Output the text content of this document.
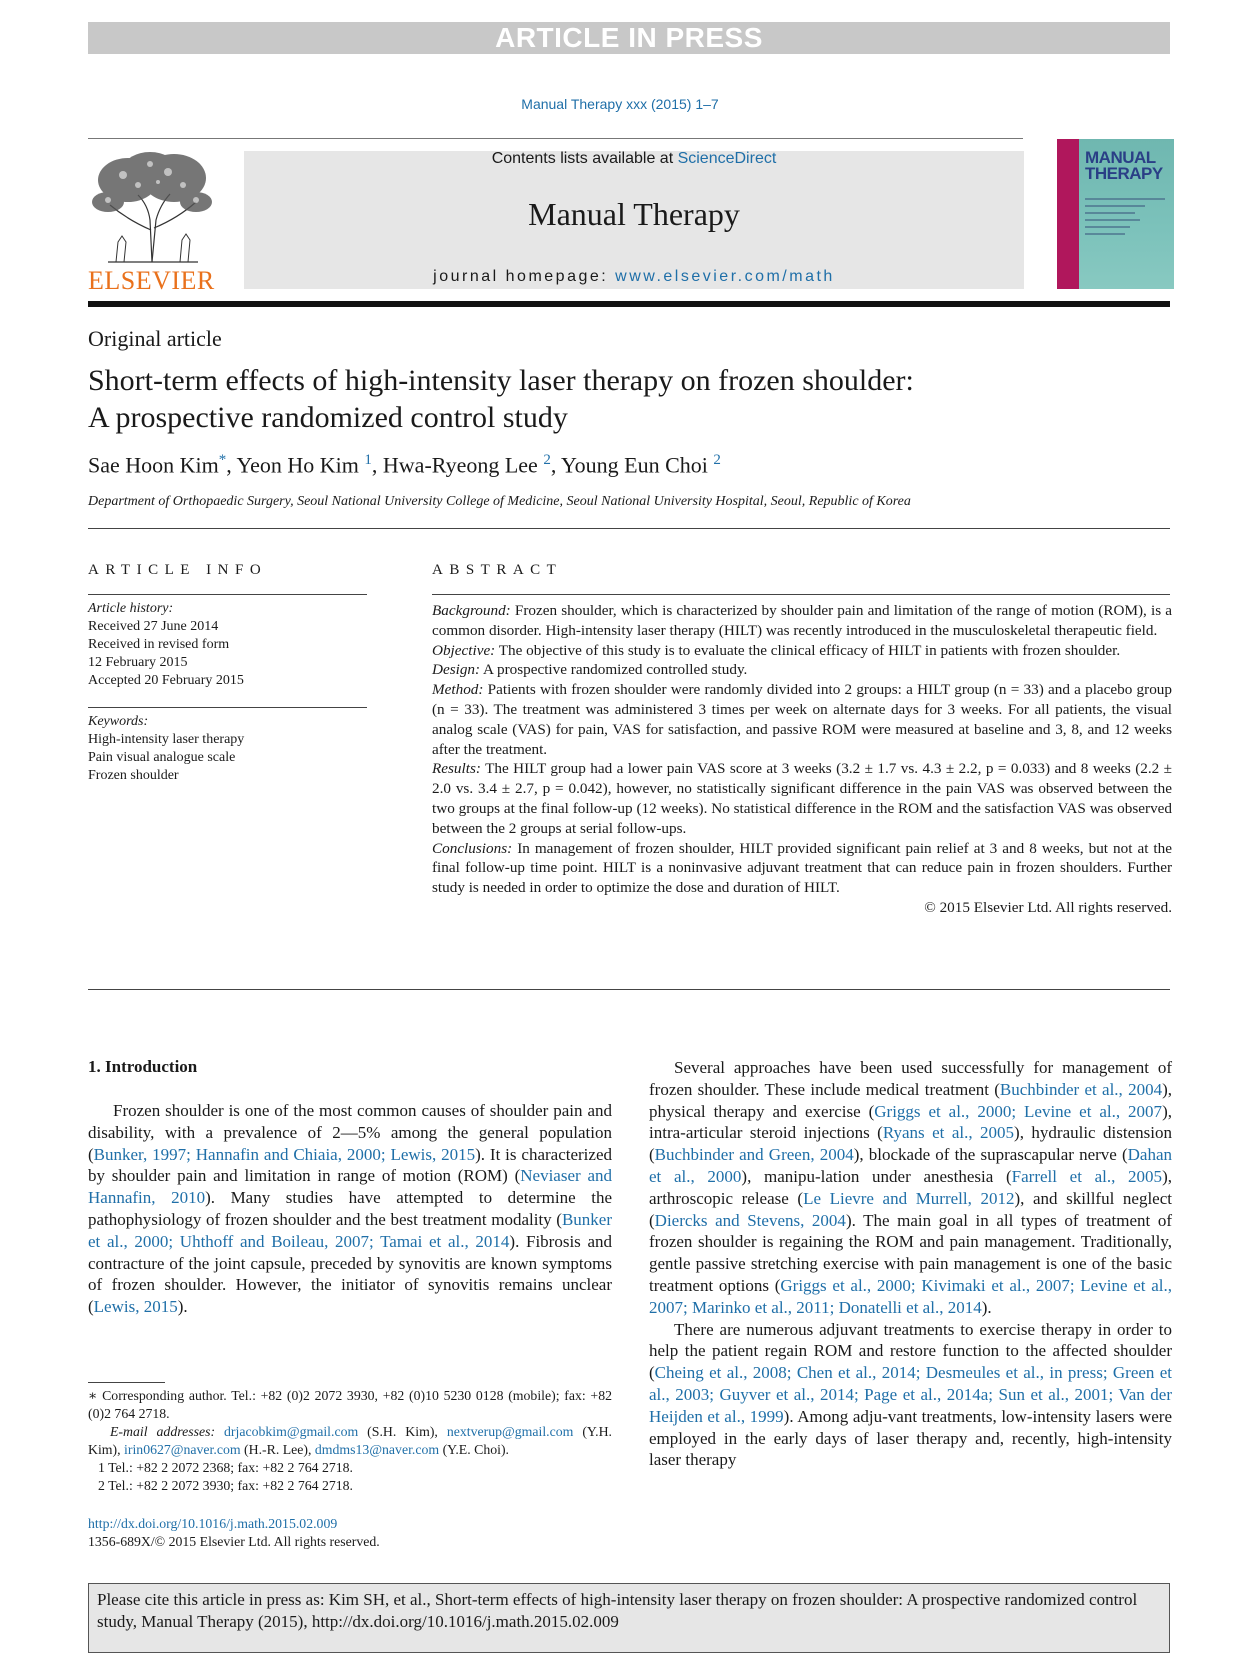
ARTICLE IN PRESS
Manual Therapy xxx (2015) 1–7
ELSEVIER
Contents lists available at ScienceDirect
Manual Therapy
journal homepage: www.elsevier.com/math
MANUAL
THERAPY
Original article
Short-term effects of high-intensity laser therapy on frozen shoulder:
A prospective randomized control study
Sae Hoon Kim*, Yeon Ho Kim $^1$, Hwa-Ryeong Lee $^2$, Young Eun Choi $^2$
Department of Orthopaedic Surgery, Seoul National University College of Medicine, Seoul National University Hospital, Seoul, Republic of Korea
ARTICLE INFO	ABSTRACT
Article history:
Received 27 June 2014
Received in revised form
12 February 2015
Accepted 20 February 2015
Keywords:
High-intensity laser therapy
Pain visual analogue scale
Frozen shoulder

Background: Frozen shoulder, which is characterized by shoulder pain and limitation of the range of motion (ROM), is a common disorder. High-intensity laser therapy (HILT) was recently introduced in the musculoskeletal therapeutic field.

Objective: The objective of this study is to evaluate the clinical efficacy of HILT in patients with frozen shoulder.

Design: A prospective randomized controlled study.

Method: Patients with frozen shoulder were randomly divided into 2 groups: a HILT group (n = 33) and a placebo group (n = 33). The treatment was administered 3 times per week on alternate days for 3 weeks. For all patients, the visual analog scale (VAS) for pain, VAS for satisfaction, and passive ROM were measured at baseline and 3, 8, and 12 weeks after the treatment.

Results: The HILT group had a lower pain VAS score at 3 weeks (3.2 ± 1.7 vs. 4.3 ± 2.2, p = 0.033) and 8 weeks (2.2 ± 2.0 vs. 3.4 ± 2.7, p = 0.042), however, no statistically significant difference in the pain VAS was observed between the two groups at the final follow-up (12 weeks). No statistical difference in the ROM and the satisfaction VAS was observed between the 2 groups at serial follow-ups.

Conclusions: In management of frozen shoulder, HILT provided significant pain relief at 3 and 8 weeks, but not at the final follow-up time point. HILT is a noninvasive adjuvant treatment that can reduce pain in frozen shoulders. Further study is needed in order to optimize the dose and duration of HILT.

© 2015 Elsevier Ltd. All rights reserved.

1. Introduction

Frozen shoulder is one of the most common causes of shoulder pain and disability, with a prevalence of 2—5% among the general population (Bunker, 1997; Hannafin and Chiaia, 2000; Lewis, 2015). It is characterized by shoulder pain and limitation in range of motion (ROM) (Neviaser and Hannafin, 2010). Many studies have attempted to determine the pathophysiology of frozen shoulder and the best treatment modality (Bunker et al., 2000; Uhthoff and Boileau, 2007; Tamai et al., 2014). Fibrosis and contracture of the joint capsule, preceded by synovitis are known symptoms of frozen shoulder. However, the initiator of synovitis remains unclear (Lewis, 2015).

Several approaches have been used successfully for management of frozen shoulder. These include medical treatment (Buchbinder et al., 2004), physical therapy and exercise (Griggs et al., 2000; Levine et al., 2007), intra-articular steroid injections (Ryans et al., 2005), hydraulic distension (Buchbinder and Green, 2004), blockade of the suprascapular nerve (Dahan et al., 2000), manipu-lation under anesthesia (Farrell et al., 2005), arthroscopic release (Le Lievre and Murrell, 2012), and skillful neglect (Diercks and Stevens, 2004). The main goal in all types of treatment of frozen shoulder is regaining the ROM and pain management. Traditionally, gentle passive stretching exercise with pain management is one of the basic treatment options (Griggs et al., 2000; Kivimaki et al., 2007; Levine et al., 2007; Marinko et al., 2011; Donatelli et al., 2014).

There are numerous adjuvant treatments to exercise therapy in order to help the patient regain ROM and restore function to the affected shoulder (Cheing et al., 2008; Chen et al., 2014; Desmeules et al., in press; Green et al., 2003; Guyver et al., 2014; Page et al., 2014a; Sun et al., 2001; Van der Heijden et al., 1999). Among adju-vant treatments, low-intensity lasers were employed in the early days of laser therapy and, recently, high-intensity laser therapy

∗ Corresponding author. Tel.: +82 (0)2 2072 3930, +82 (0)10 5230 0128 (mobile); fax: +82 (0)2 764 2718.

E-mail addresses: drjacobkim@gmail.com (S.H. Kim), nextverup@gmail.com (Y.H. Kim), irin0627@naver.com (H.-R. Lee), dmdms13@naver.com (Y.E. Choi).

1 Tel.: +82 2 2072 2368; fax: +82 2 764 2718.

2 Tel.: +82 2 2072 3930; fax: +82 2 764 2718.

http://dx.doi.org/10.1016/j.math.2015.02.009
1356-689X/© 2015 Elsevier Ltd. All rights reserved.
Please cite this article in press as: Kim SH, et al., Short-term effects of high-intensity laser therapy on frozen shoulder: A prospective randomized control study, Manual Therapy (2015), http://dx.doi.org/10.1016/j.math.2015.02.009
